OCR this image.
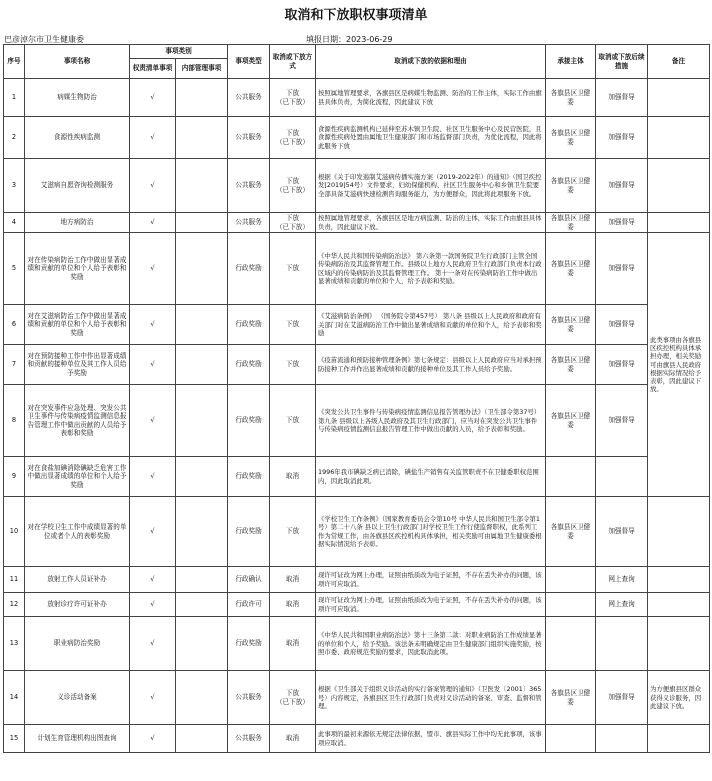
取消和下放职权事项清单
巴彦淖尔市卫生健康委	填报日期：2023-06-29
序号	事项名称	事项类别		事项类型	取消或下放方式	取消或下放的依据和理由	承接主体	取消或下放后续措施	备注
		权责清单事项	内部管理事项						
1	病媒生物防治	√		公共服务	下放
（已下放）	按照属地管理要求，各旗县区是病媒生物监测、防治的工作主体，实际工作由旗县具体负责，为简化流程，因此建议下放	各旗县区卫健委	加强督导	
2	食源性疾病监测	√		公共服务	下放
（已下放）	食源性疾病监测机构已延伸至苏木镇卫生院、社区卫生服务中心及民营医院，且食源性疾病处置由属地卫生健康部门和市场监督部门负责，为优化流程，因此将此服务下放	各旗县区卫健委	加强督导	
3	艾滋病自愿咨询检测服务	√		公共服务	下放
（已下放）	根据《关于印发遏制艾滋病传播实施方案（2019-2022年）的通知》（国卫疾控发[2019]54号）文件要求，妇幼保健机构、社区卫生服务中心和乡镇卫生院要全部具备艾滋病快速检测咨询服务能力，为方便群众，因此将此项服务下放。	各旗县区卫健委	加强督导	
4	地方病防治	√		公共服务	下放
（已下放）	按照属地管理要求，各旗县区是地方病监测、防治的主体，实际工作由旗县具体负责，因此建议下放。	各旗县区卫健委	加强督导	
5	对在传染病防治工作中做出显著成绩和贡献的单位和个人给予表彰和奖励	√		行政奖励	下放	《中华人民共和国传染病防治法》 第六条第一款国务院卫生行政部门主管全国传染病防治及其监督管理工作。县级以上地方人民政府卫生行政部门负责本行政区域内的传染病防治及其监督管理工作。 第十一条对在传染病防治工作中做出显著成绩和贡献的单位和个人，给予表彰和奖励。	各旗县区卫健委	加强督导	此类事项由各旗县区疾控机构具体承担办理，相关奖励可由旗县人民政府根据实际情况给予表彰，因此建议下放。
6	对在艾滋病防治工作中做出显著成绩和贡献的单位和个人给予表彰和奖励	√		行政奖励	下放	《艾滋病防治条例》 （国务院令第457号） 第八条 县级以上人民政府和政府有关部门对在艾滋病防治工作中做出显著成绩和贡献的单位和个人，给予表彰和奖励	各旗县区卫健委	加强督导	
7	对在预防接种工作中作出显著成绩和贡献的接种单位及其工作人员给予奖励	√		行政奖励	下放	《疫苗流通和预防接种管理条例》第七条规定：县级以上人民政府应当对承担预防接种工作并作出显著成绩和贡献的接种单位及其工作人员给予奖励。	各旗县区卫健委	加强督导	
8	对在突发事件应急处理、突发公共卫生事件与传染病疫情监测信息报告管理工作中做出贡献的人员给予表彰和奖励	√		行政奖励	下放	《突发公共卫生事件与传染病疫情监测信息报告管理办法》（卫生部令第37号）第九条 县级以上各级人民政府及其卫生行政部门，应当对在突发公共卫生事件与传染病疫情监测信息报告管理工作中做出贡献的人员，给予表彰和奖励。	各旗县区卫健委	加强督导	
9	对在食盐加碘消除碘缺乏危害工作中做出显著成绩的单位和个人给予奖励	√		行政奖励	取消	1996年我市碘缺乏病已消除，碘盐生产销售有关监管职责不在卫健委职权范围内，因此取消此项。			
10	对在学校卫生工作中成绩显著的单位或者个人的表彰奖励	√		行政奖励	下放	《学校卫生工作条例》（国家教育委员会令第10号 中华人民共和国卫生部令第1号）第二十八条 县以上卫生行政部门对学校卫生工作行使监督职权，此系列工作为常规工作，由各旗县区疾控机构具体承担，相关奖励可由属地卫生健康委根据实际情况给予表彰。	各旗县区卫健委	加强督导	
11	放射工作人员证补办	√		行政确认	取消	现许可证改为网上办理，证照由纸质改为电子证照，不存在丢失补办的问题，该项许可应取消。		网上查询	
12	放射诊疗许可证补办	√		行政许可	取消	现许可证改为网上办理，证照由纸质改为电子证照，不存在丢失补办的问题，该项许可应取消。		网上查询	
13	职业病防治奖励	√		行政奖励	取消	《中华人民共和国职业病防治法》第十三条第二款：对职业病防治工作成绩显著的单位和个人，给予奖励。该法条未明确规定由卫生健康部门组织实施奖励，按照市委、政府规范奖励的要求，因此取消此项。			
14	义诊活动备案	√		公共服务	下放
（已下放）	根据《卫生部关于组织义诊活动的实行备案管理的通知》（卫医发〔2001〕365号）内容规定，各旗县区卫生行政部门负责对义诊活动的备案、审查、监督和管理。	各旗县区卫健委	加强督导	为方便旗县区群众获得义诊服务，因此建议下放。
15	计划生育管理机构出图查询	√		公共服务	取消	此事项的最初来源依无规定法律依据，盟市、旗县实际工作中均无此事项，该事项应取消。			
